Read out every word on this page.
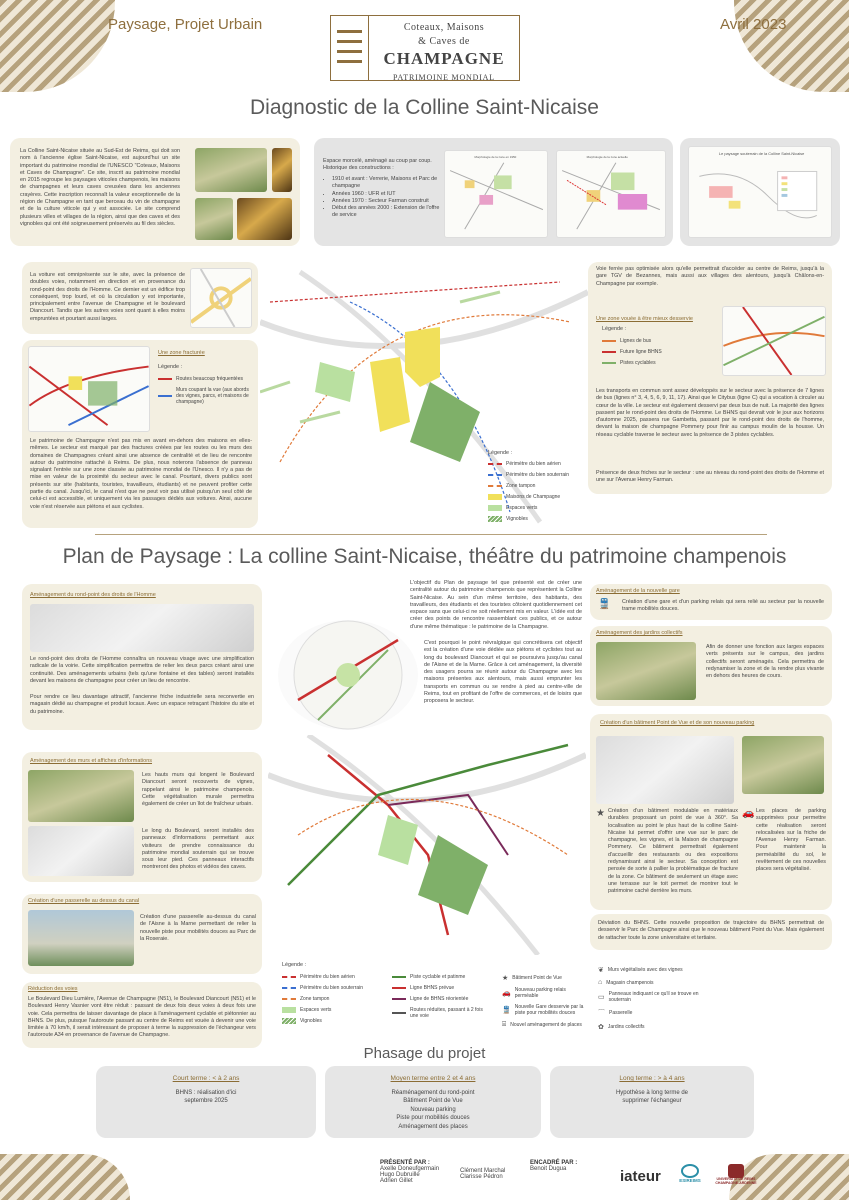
Paysage, Projet Urbain	Coteaux, Maisons
& Caves de
CHAMPAGNE
PATRIMOINE MONDIAL
Avril 2023
Diagnostic de la Colline Saint-Nicaise
La Colline Saint-Nicaise située au Sud-Est de Reims, qui doit son nom à l'ancienne église Saint-Nicaise, est aujourd'hui un site important du patrimoine mondial de l'UNESCO "Coteaux, Maisons et Caves de Champagne". Ce site, inscrit au patrimoine mondial en 2015 regroupe les paysages viticoles champenois, les maisons de champagnes et leurs caves creusées dans les anciennes crayères. Cette inscription reconnaît la valeur exceptionnelle de la région de Champagne en tant que berceau du vin de champagne et de la culture viticole qui y est associée. Le site comprend plusieurs villes et villages de la région, ainsi que des caves et des vignobles qui ont été soigneusement préservés au fil des siècles.
Espace morcelé, aménagé au coup par coup. Historique des constructions :
• 1910 et avant : Verrerie, Maisons et Parc de champagne
• Années 1960 : UFR et IUT
• Années 1970 : Secteur Farman construit
• Début des années 2000 : Extension de l'offre de service
Morphologie de la zone en 1950	Morphologie de la zone actuelle
Le paysage souterrain de la Colline Saint-Nicaise
La voiture est omniprésente sur le site, avec la présence de doubles voies, notamment en direction et en provenance du rond-point des droits de l'Homme. Ce dernier est un édifice trop conséquent, trop lourd, et où la circulation y est importante, principalement entre l'avenue de Champagne et le boulevard Diancourt. Tandis que les autres voies sont quant à elles moins empruntées et pourtant aussi larges.
Une zone fracturée
Légende :
Routes beaucoup fréquentées
Murs coupant la vue (aux abords des vignes, parcs, et maisons de champagne)
Le patrimoine de Champagne n'est pas mis en avant en-dehors des maisons en elles-mêmes. Le secteur est marqué par des fractures créées par les routes ou les murs des domaines de Champagnes créant ainsi une absence de centralité et de lieu de rencontre autour du patrimoine rattaché à Reims. De plus, nous noterons l'absence de panneau signalant l'entrée sur une zone classée au patrimoine mondial de l'Unesco. Il n'y a pas de mise en valeur de la proximité du secteur avec le canal. Pourtant, divers publics sont présents sur site (habitants, touristes, travailleurs, étudiants) et ne peuvent profiter cette partie du canal. Jusqu'ici, le canal n'est que ne peut voir pas utilisé puisqu'un seul côté de celui-ci est accessible, et uniquement via les passages dédiés aux voitures. Ainsi, aucune voie n'est réservée aux piétons et aux cyclistes.
Légende :
Périmètre du bien aérien
Périmètre du bien souterrain
Zone tampon
Maisons de Champagne
Espaces verts
Vignobles
Voie ferrée pas optimisée alors qu'elle permettrait d'accéder au centre de Reims, jusqu'à la gare TGV de Bezannes, mais aussi aux villages des alentours, jusqu'à Châlons-en-Champagne par exemple.
Une zone vouée à être mieux desservie
Légende :
Lignes de bus
Future ligne BHNS
Pistes cyclables
Les transports en commun sont assez développés sur le secteur avec la présence de 7 lignes de bus (lignes n° 3, 4, 5, 6, 9, 11, 17). Ainsi que le Citybus (ligne C) qui a vocation à circuler au cœur de la ville. Le secteur est également desservi par deux bus de nuit. La majorité des lignes passent par le rond-point des droits de l'Homme. Le BHNS qui devrait voir le jour aux horizons d'automne 2025, passera rue Gambetta, passant par le rond-point des droits de l'homme, devant la maison de champagne Pommery pour finir au campus moulin de la housse. Un réseau cyclable traverse le secteur avec la présence de 3 pistes cyclables.
Présence de deux friches sur le secteur : une au niveau du rond-point des droits de l'Homme et une sur l'Avenue Henry Farman.
Plan de Paysage : La colline Saint-Nicaise, théâtre du patrimoine champenois
Aménagement du rond-point des droits de l'Homme
Le rond-point des droits de l'Homme connaîtra un nouveau visage avec une simplification radicale de la voirie. Cette simplification permettra de relier les deux parcs créant ainsi une continuité. Des aménagements urbains (tels qu'une fontaine et des tables) seront installés devant les maisons de champagne pour créer un lieu de rencontre.
Pour rendre ce lieu davantage attractif, l'ancienne friche industrielle sera reconvertie en magasin dédié au champagne et produit locaux. Avec un espace retraçant l'histoire du site et du patrimoine.
Aménagement des murs et affiches d'informations
Les hauts murs qui longent le Boulevard Diancourt seront recouverts de vignes, rappelant ainsi le patrimoine champenois. Cette végétalisation murale permettra également de créer un îlot de fraîcheur urbain.
Le long du Boulevard, seront installés des panneaux d'informations permettant aux visiteurs de prendre connaissance du patrimoine mondial souterrain qui se trouve sous leur pied. Ces panneaux interactifs montreront des photos et vidéos des caves.
Création d'une passerelle au dessus du canal
Création d'une passerelle au-dessus du canal de l'Aisne à la Marne permettant de relier la nouvelle piste pour mobilités douces au Parc de la Roseraie.
Réduction des voies
Le Boulevard Dieu Lumière, l'Avenue de Champagne (N51), le Boulevard Diancourt (N51) et le Boulevard Henry Vasnier vont être réduit : passant de deux fois deux voies à deux fois une voie. Cela permettra de laisser davantage de place à l'aménagement cyclable et piétonnier au BHNS. De plus, puisque l'autoroute passant au centre de Reims est vouée à devenir une voie limitée à 70 km/h, il serait intéressant de proposer à terme la suppression de l'échangeur vers l'autoroute A34 en provenance de l'avenue de Champagne.
L'objectif du Plan de paysage tel que présenté est de créer une centralité autour du patrimoine champenois que représentent la Colline Saint-Nicaise. Au sein d'un même territoire, des habitants, des travailleurs, des étudiants et des touristes côtoient quotidiennement cet espace sans que celui-ci ne soit réellement mis en valeur. L'idée est de créer des points de rencontre rassemblant ces publics, et ce autour d'une même thématique : le patrimoine de la Champagne.
C'est pourquoi le point névralgique qui concrétisera cet objectif est la création d'une voie dédiée aux piétons et cyclistes tout au long du boulevard Diancourt et qui se poursuivra jusqu'au canal de l'Aisne et de la Marne. Grâce à cet aménagement, la diversité des usagers pourra se réunir autour du Champagne avec les maisons présentes aux alentours, mais aussi emprunter les transports en commun ou se rendre à pied au centre-ville de Reims, tout en profitant de l'offre de commerces, et de loisirs que proposera le secteur.
Légende :
Périmètre du bien aérien
Périmètre du bien souterrain
Zone tampon
Espaces verts
Vignobles
Piste cyclable et patinme
Ligne BHNS prévue
Ligne de BHNS réorientée
Routes réduites, passant à 2 fois une voie
★ Bâtiment Point de Vue
🚗 Nouveau parking relais perméable
🚆 Nouvelle Gare desservie par la piste pour mobilités douces
⌸ Nouvel aménagement de places
❦ Murs végétalisés avec des vignes
⌂ Magasin champenois
▭ Panneaux indiquant ce qu'il se trouve en souterrain
⌒ Passerelle
✿ Jardins collectifs
Aménagement de la nouvelle gare
🚆 Création d'une gare et d'un parking relais qui sera relié au secteur par la nouvelle trame mobilités douces.
Aménagement des jardins collectifs
Afin de donner une fonction aux larges espaces verts présents sur le campus, des jardins collectifs seront aménagés. Cela permettra de redynamiser la zone et de la rendre plus vivante en dehors des heures de cours.
Création d'un bâtiment Point de Vue et de son nouveau parking
★ Création d'un bâtiment modulable en matériaux durables proposant un point de vue à 360°. Sa localisation au point le plus haut de la colline Saint-Nicaise lui permet d'offrir une vue sur le parc de champagne, les vignes, et la Maison de champagne Pommery. Ce bâtiment permettrait également d'accueillir des restaurants ou des expositions redynamisant ainsi le secteur. Sa conception est pensée de sorte à pallier la problématique de fracture de la zone. Ce bâtiment de seulement un étage avec une terrasse sur le toit permet de montrer tout le patrimoine caché derrière les murs.
🚗 Les places de parking supprimées pour permettre cette réalisation seront relocalisées sur la friche de l'Avenue Henry Farman. Pour maintenir la perméabilité du sol, le revêtement de ces nouvelles places sera végétalisé.
Déviation du BHNS. Cette nouvelle proposition de trajectoire du BHNS permettrait de desservir le Parc de Champagne ainsi que le nouveau bâtiment Point du Vue. Mais également de rattacher toute la zone universitaire et tertiaire.
Phasage du projet
Court terme : < à 2 ans
BHNS : réalisation d'ici
septembre 2025
Moyen terme entre 2 et 4 ans
Réaménagement du rond-point
Bâtiment Point de Vue
Nouveau parking
Piste pour mobilités douces
Aménagement des places
Long terme : > à 4 ans
Hypothèse à long terme de
supprimer l'échangeur
PRÉSENTÉ PAR :
Axelle Doneufgermain
Hugo Dubruille
Adrien Gillet
Clément Marchal
Clarisse Pédron
ENCADRÉ PAR :
Benoit Dugua	iateur	ESIREIMS	UNIVERSITÉ DE REIMS CHAMPAGNE-ARDENNE
